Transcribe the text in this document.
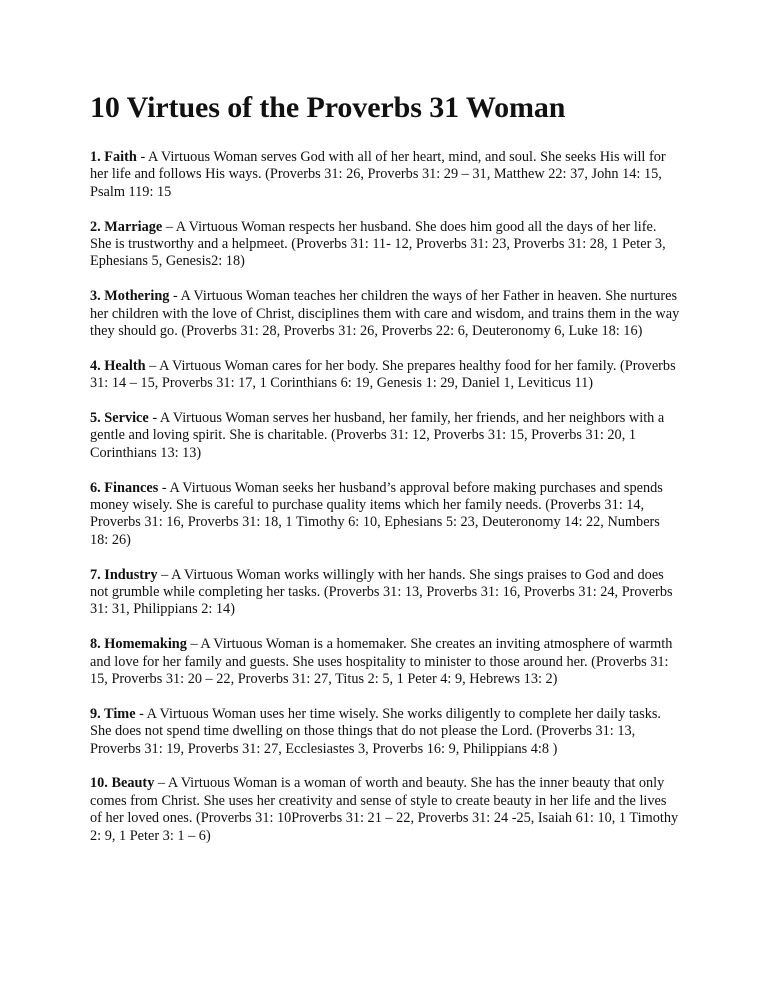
10 Virtues of the Proverbs 31 Woman

1. Faith - A Virtuous Woman serves God with all of her heart, mind, and soul. She seeks His will for her life and follows His ways. (Proverbs 31: 26, Proverbs 31: 29 – 31, Matthew 22: 37, John 14: 15, Psalm 119: 15

2. Marriage – A Virtuous Woman respects her husband. She does him good all the days of her life. She is trustworthy and a helpmeet. (Proverbs 31: 11- 12, Proverbs 31: 23, Proverbs 31: 28, 1 Peter 3, Ephesians 5, Genesis2: 18)

3. Mothering - A Virtuous Woman teaches her children the ways of her Father in heaven. She nurtures her children with the love of Christ, disciplines them with care and wisdom, and trains them in the way they should go. (Proverbs 31: 28, Proverbs 31: 26, Proverbs 22: 6, Deuteronomy 6, Luke 18: 16)

4. Health – A Virtuous Woman cares for her body. She prepares healthy food for her family. (Proverbs 31: 14 – 15, Proverbs 31: 17, 1 Corinthians 6: 19, Genesis 1: 29, Daniel 1, Leviticus 11)

5. Service - A Virtuous Woman serves her husband, her family, her friends, and her neighbors with a gentle and loving spirit. She is charitable. (Proverbs 31: 12, Proverbs 31: 15, Proverbs 31: 20, 1 Corinthians 13: 13)

6. Finances - A Virtuous Woman seeks her husband’s approval before making purchases and spends money wisely. She is careful to purchase quality items which her family needs. (Proverbs 31: 14, Proverbs 31: 16, Proverbs 31: 18, 1 Timothy 6: 10, Ephesians 5: 23, Deuteronomy 14: 22, Numbers 18: 26)

7. Industry – A Virtuous Woman works willingly with her hands. She sings praises to God and does not grumble while completing her tasks. (Proverbs 31: 13, Proverbs 31: 16, Proverbs 31: 24, Proverbs 31: 31, Philippians 2: 14)

8. Homemaking – A Virtuous Woman is a homemaker. She creates an inviting atmosphere of warmth and love for her family and guests. She uses hospitality to minister to those around her. (Proverbs 31: 15, Proverbs 31: 20 – 22, Proverbs 31: 27, Titus 2: 5, 1 Peter 4: 9, Hebrews 13: 2)

9. Time - A Virtuous Woman uses her time wisely. She works diligently to complete her daily tasks. She does not spend time dwelling on those things that do not please the Lord. (Proverbs 31: 13, Proverbs 31: 19, Proverbs 31: 27, Ecclesiastes 3, Proverbs 16: 9, Philippians 4:8 )

10. Beauty – A Virtuous Woman is a woman of worth and beauty. She has the inner beauty that only comes from Christ. She uses her creativity and sense of style to create beauty in her life and the lives of her loved ones. (Proverbs 31: 10Proverbs 31: 21 – 22, Proverbs 31: 24 -25, Isaiah 61: 10, 1 Timothy 2: 9, 1 Peter 3: 1 – 6)
